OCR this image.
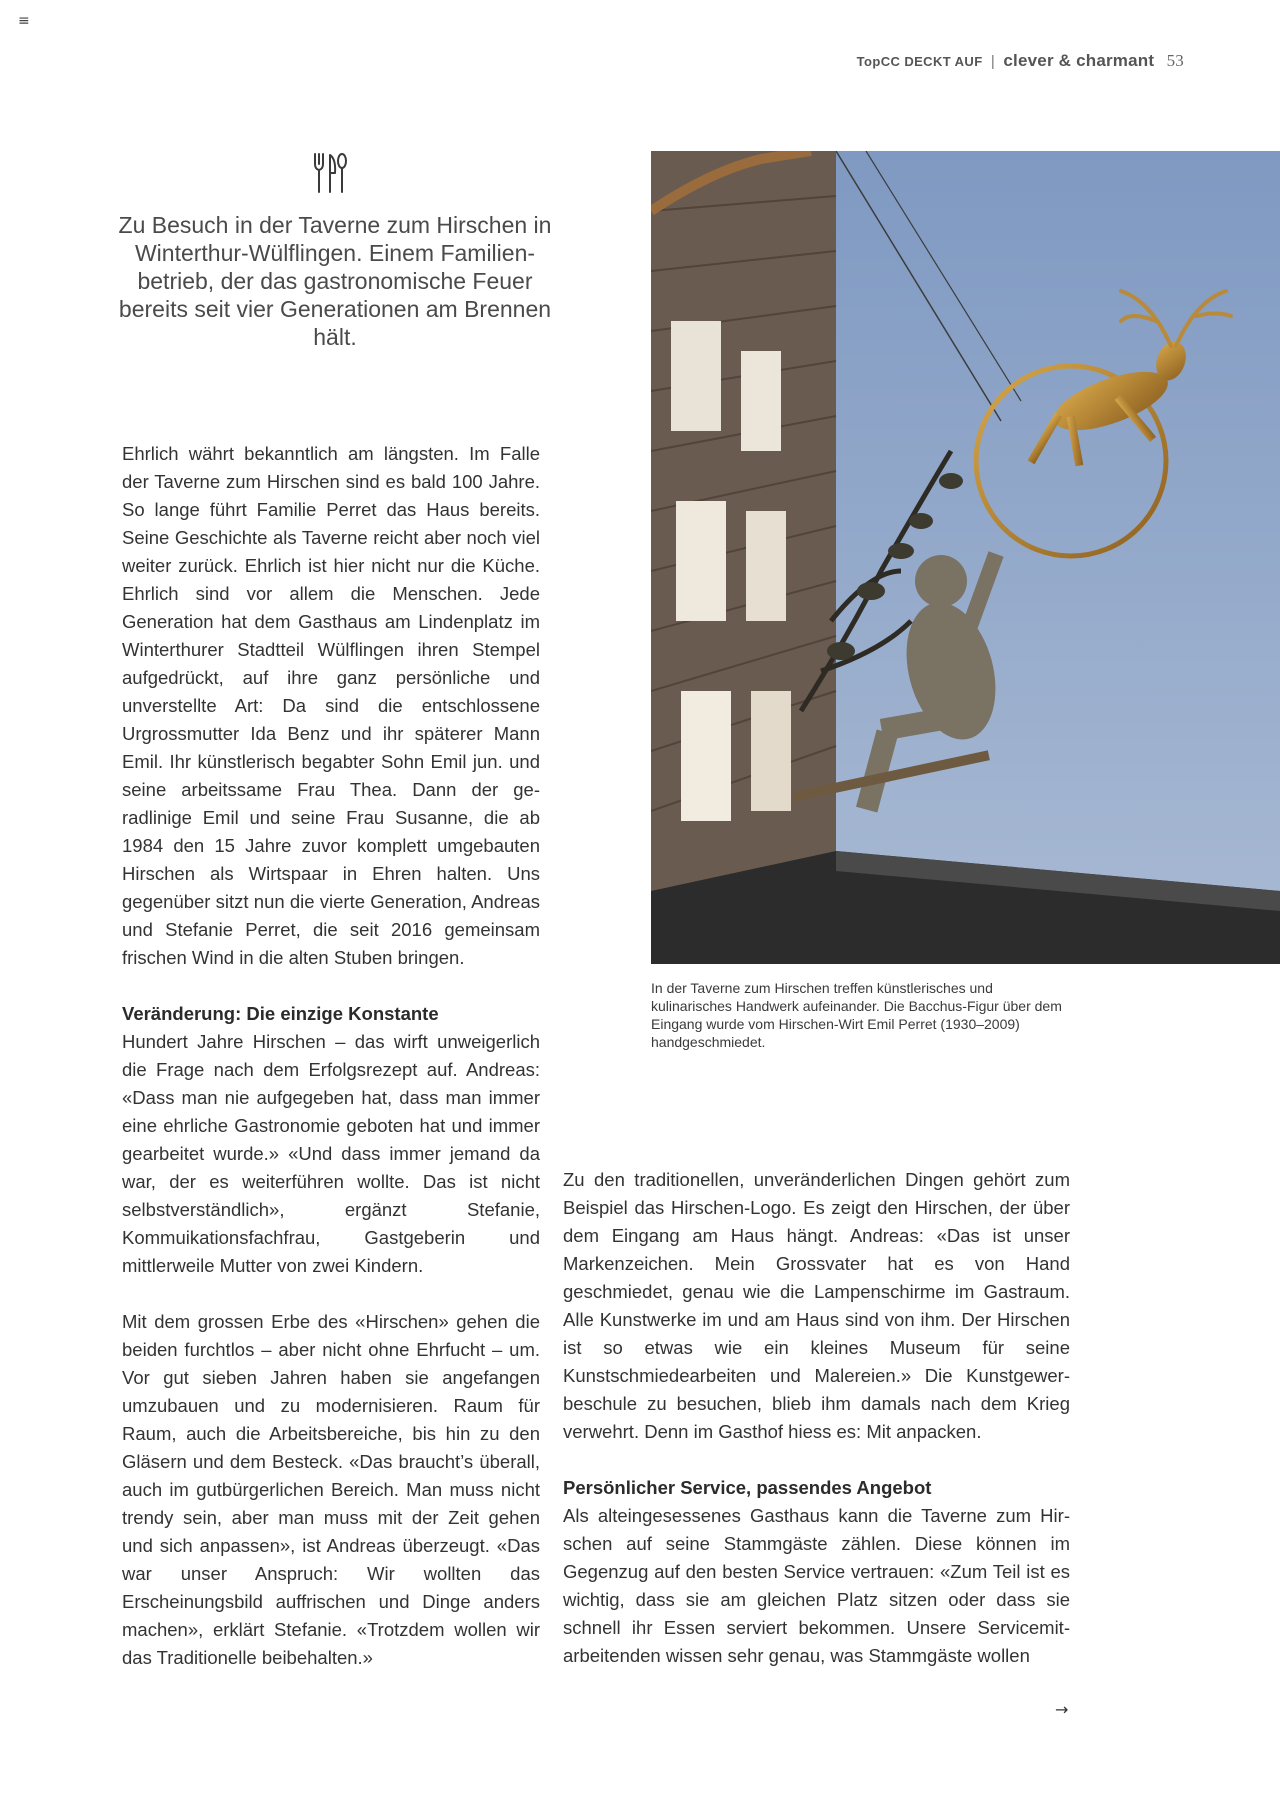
≡
TopCC DECKT AUF | clever & charmant 53

Zu Besuch in der Taverne zum Hirschen in Winterthur-Wülflingen. Einem Familien-betrieb, der das gastronomische Feuer bereits seit vier Generationen am Brennen hält.

In der Taverne zum Hirschen treffen künstlerisches und kulinarisches Handwerk aufeinander. Die Bacchus-Figur über dem Eingang wurde vom Hirschen-Wirt Emil Perret (1930–2009) handgeschmiedet.

Ehrlich währt bekanntlich am längsten. Im Falle der Taverne zum Hirschen sind es bald 100 Jahre. So lange führt Familie Perret das Haus bereits. Seine Geschichte als Taverne reicht aber noch viel weiter zurück. Ehrlich ist hier nicht nur die Küche. Ehrlich sind vor allem die Menschen. Jede Generation hat dem Gasthaus am Lindenplatz im Winterthurer Stadtteil Wülflingen ihren Stempel aufgedrückt, auf ihre ganz persönliche und unverstellte Art: Da sind die entschlossene Urgrossmutter Ida Benz und ihr späterer Mann Emil. Ihr künstlerisch begabter Sohn Emil jun. und seine arbeitssame Frau Thea. Dann der geradlinige Emil und seine Frau Susanne, die ab 1984 den 15 Jahre zuvor komplett umgebauten Hirschen als Wirtspaar in Ehren halten. Uns gegenüber sitzt nun die vierte Generation, Andreas und Stefanie Perret, die seit 2016 gemeinsam frischen Wind in die alten Stuben bringen.

Veränderung: Die einzige Konstante

Hundert Jahre Hirschen – das wirft unweigerlich die Frage nach dem Erfolgsrezept auf. Andreas: «Dass man nie aufgegeben hat, dass man immer eine ehrliche Gastronomie geboten hat und immer gearbeitet wurde.» «Und dass immer jemand da war, der es weiterführen wollte. Das ist nicht selbstverständlich», ergänzt Stefanie, Kommuikationsfachfrau, Gastgeberin und mittlerweile Mutter von zwei Kindern.

Mit dem grossen Erbe des «Hirschen» gehen die beiden furchtlos – aber nicht ohne Ehrfucht – um. Vor gut sieben Jahren haben sie angefangen umzubauen und zu modernisieren. Raum für Raum, auch die Arbeitsbereiche, bis hin zu den Gläsern und dem Besteck. «Das braucht’s überall, auch im gutbürgerlichen Bereich. Man muss nicht trendy sein, aber man muss mit der Zeit gehen und sich anpassen», ist Andreas überzeugt. «Das war unser Anspruch: Wir wollten das Erscheinungsbild auffrischen und Dinge anders machen», erklärt Stefanie. «Trotzdem wollen wir das Traditionelle beibehalten.»

Zu den traditionellen, unveränderlichen Dingen gehört zum Beispiel das Hirschen-Logo. Es zeigt den Hirschen, der über dem Eingang am Haus hängt. Andreas: «Das ist unser Markenzeichen. Mein Grossvater hat es von Hand geschmiedet, genau wie die Lampenschirme im Gastraum. Alle Kunstwerke im und am Haus sind von ihm. Der Hirschen ist so etwas wie ein kleines Museum für seine Kunstschmiedearbeiten und Malereien.» Die Kunstgewerbeschule zu besuchen, blieb ihm damals nach dem Krieg verwehrt. Denn im Gasthof hiess es: Mit anpacken.

Persönlicher Service, passendes Angebot

Als alteingesessenes Gasthaus kann die Taverne zum Hirschen auf seine Stammgäste zählen. Diese können im Gegenzug auf den besten Service vertrauen: «Zum Teil ist es wichtig, dass sie am gleichen Platz sitzen oder dass sie schnell ihr Essen serviert bekommen. Unsere Servicemitarbeitenden wissen sehr genau, was Stammgäste wollen

→
